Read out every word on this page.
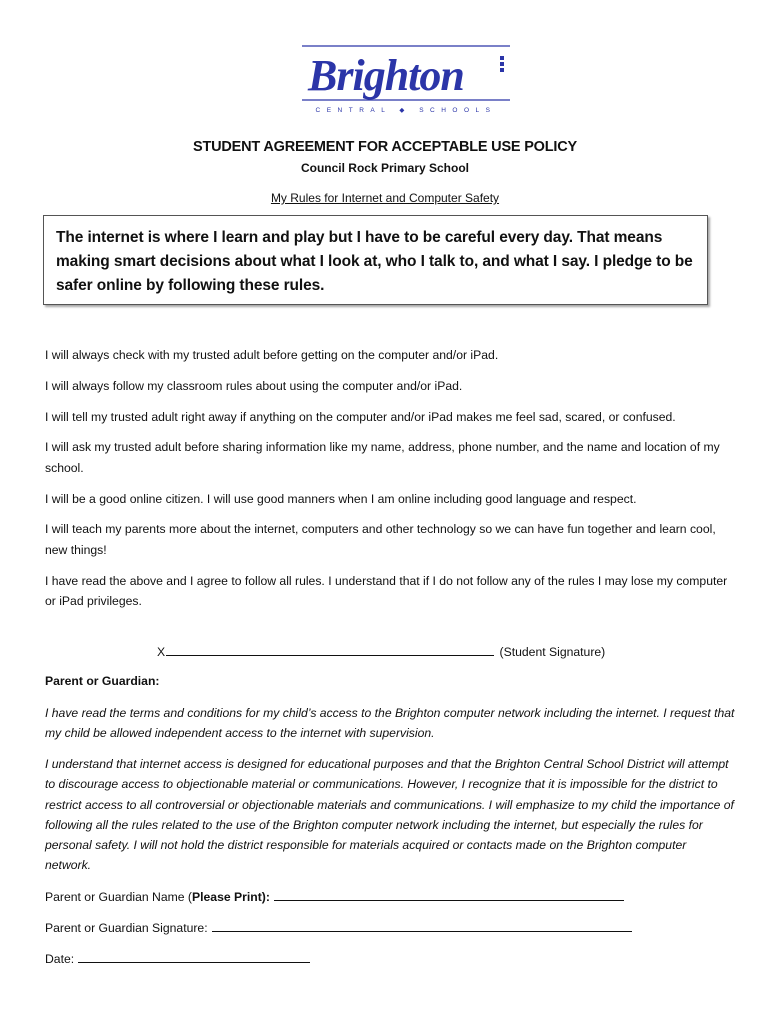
Brighton
CENTRAL ◆ SCHOOLS
STUDENT AGREEMENT FOR ACCEPTABLE USE POLICY
Council Rock Primary School
My Rules for Internet and Computer Safety
The internet is where I learn and play but I have to be careful every day. That means making smart decisions about what I look at, who I talk to, and what I say. I pledge to be safer online by following these rules.

I will always check with my trusted adult before getting on the computer and/or iPad.

I will always follow my classroom rules about using the computer and/or iPad.

I will tell my trusted adult right away if anything on the computer and/or iPad makes me feel sad, scared, or confused.

I will ask my trusted adult before sharing information like my name, address, phone number, and the name and location of my school.

I will be a good online citizen. I will use good manners when I am online including good language and respect.

I will teach my parents more about the internet, computers and other technology so we can have fun together and learn cool, new things!

I have read the above and I agree to follow all rules. I understand that if I do not follow any of the rules I may lose my computer or iPad privileges.

X	(Student Signature)
Parent or Guardian:
I have read the terms and conditions for my child’s access to the Brighton computer network including the internet. I request that my child be allowed independent access to the internet with supervision.
I understand that internet access is designed for educational purposes and that the Brighton Central School District will attempt to discourage access to objectionable material or communications. However, I recognize that it is impossible for the district to restrict access to all controversial or objectionable materials and communications. I will emphasize to my child the importance of following all the rules related to the use of the Brighton computer network including the internet, but especially the rules for personal safety. I will not hold the district responsible for materials acquired or contacts made on the Brighton computer network.
Parent or Guardian Name (Please Print):
Parent or Guardian Signature:
Date:
